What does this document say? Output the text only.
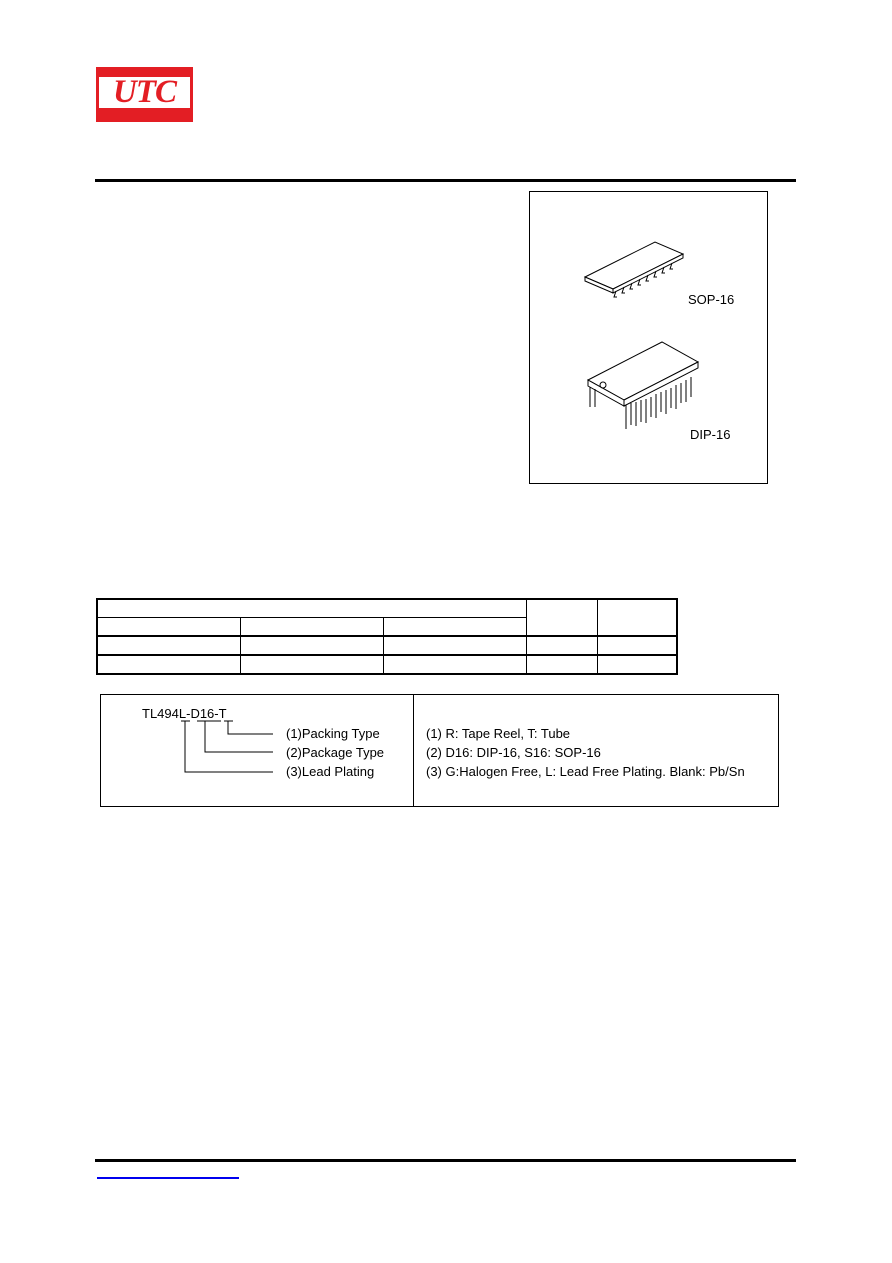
UTC
SOP-16
DIP-16

TL494L-D16-T
(1)Packing Type
(2)Package Type
(3)Lead Plating
(1) R: Tape Reel, T: Tube
(2) D16: DIP-16, S16: SOP-16
(3) G:Halogen Free, L: Lead Free Plating. Blank: Pb/Sn
